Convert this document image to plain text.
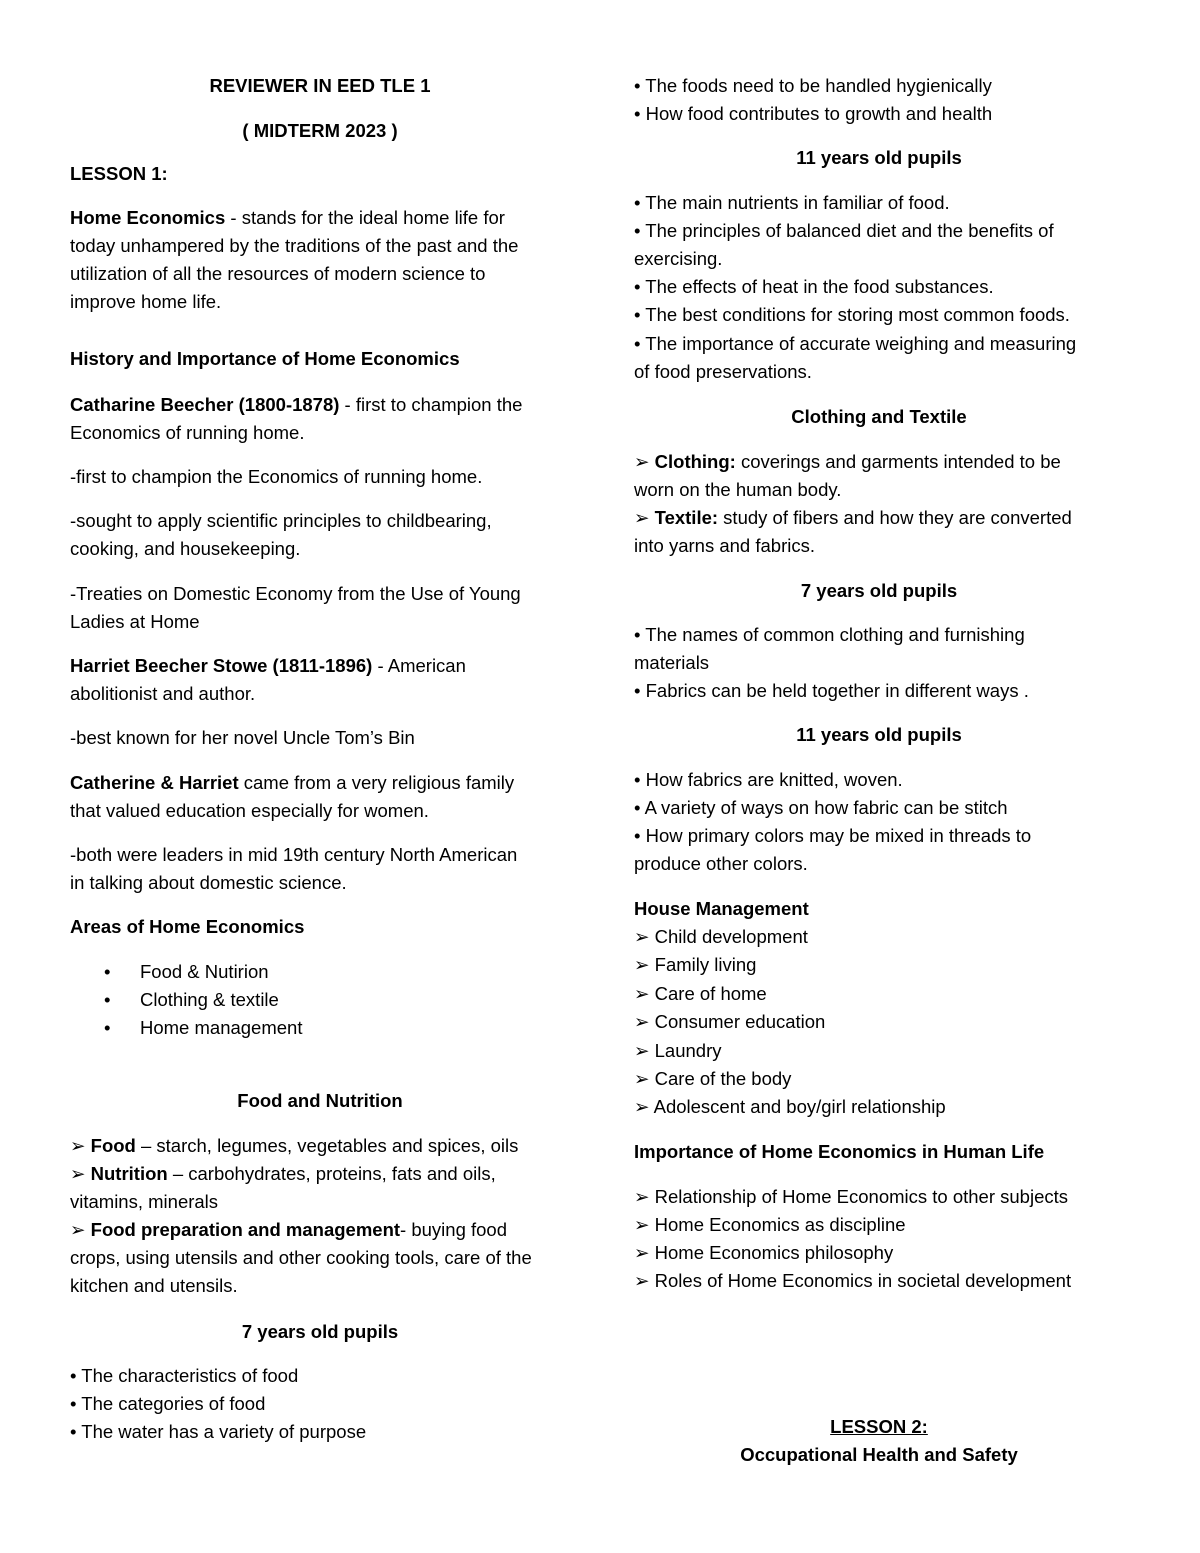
REVIEWER IN EED TLE 1
( MIDTERM 2023 )
LESSON 1:
Home Economics - stands for the ideal home life for
today unhampered by the traditions of the past and the
utilization of all the resources of modern science to
improve home life.
History and Importance of Home Economics
Catharine Beecher (1800-1878) - first to champion the
Economics of running home.
-first to champion the Economics of running home.
-sought to apply scientific principles to childbearing,
cooking, and housekeeping.
-Treaties on Domestic Economy from the Use of Young
Ladies at Home
Harriet Beecher Stowe (1811-1896) - American
abolitionist and author.
-best known for her novel Uncle Tom’s Bin
Catherine & Harriet came from a very religious family
that valued education especially for women.
-both were leaders in mid 19th century North American
in talking about domestic science.
Areas of Home Economics
• Food & Nutirion
• Clothing & textile
• Home management
Food and Nutrition
➢ Food – starch, legumes, vegetables and spices, oils
➢ Nutrition – carbohydrates, proteins, fats and oils,
vitamins, minerals
➢ Food preparation and management- buying food
crops, using utensils and other cooking tools, care of the
kitchen and utensils.
7 years old pupils
• The characteristics of food
• The categories of food
• The water has a variety of purpose
• The foods need to be handled hygienically
• How food contributes to growth and health
11 years old pupils
• The main nutrients in familiar of food.
• The principles of balanced diet and the benefits of
exercising.
• The effects of heat in the food substances.
• The best conditions for storing most common foods.
• The importance of accurate weighing and measuring
of food preservations.
Clothing and Textile
➢ Clothing: coverings and garments intended to be
worn on the human body.
➢ Textile: study of fibers and how they are converted
into yarns and fabrics.
7 years old pupils
• The names of common clothing and furnishing
materials
• Fabrics can be held together in different ways .
11 years old pupils
• How fabrics are knitted, woven.
• A variety of ways on how fabric can be stitch
• How primary colors may be mixed in threads to
produce other colors.
House Management
➢ Child development
➢ Family living
➢ Care of home
➢ Consumer education
➢ Laundry
➢ Care of the body
➢ Adolescent and boy/girl relationship
Importance of Home Economics in Human Life
➢ Relationship of Home Economics to other subjects
➢ Home Economics as discipline
➢ Home Economics philosophy
➢ Roles of Home Economics in societal development
LESSON 2:
Occupational Health and Safety
